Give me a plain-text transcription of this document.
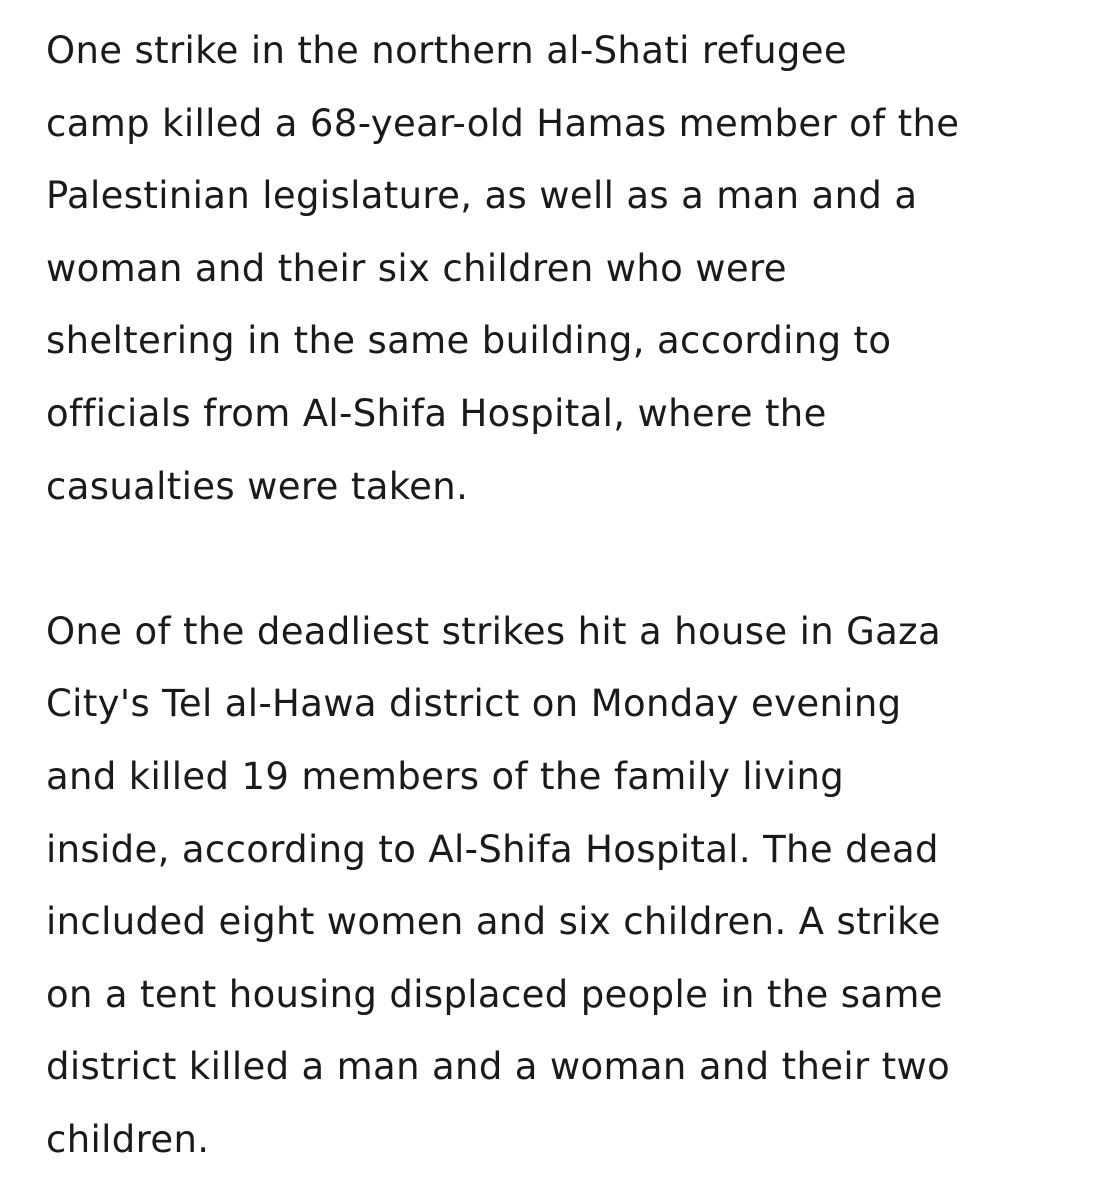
One strike in the northern al-Shati refugee
camp killed a 68-year-old Hamas member of the
Palestinian legislature, as well as a man and a
woman and their six children who were
sheltering in the same building, according to
officials from Al-Shifa Hospital, where the
casualties were taken.

One of the deadliest strikes hit a house in Gaza
City's Tel al-Hawa district on Monday evening
and killed 19 members of the family living
inside, according to Al-Shifa Hospital. The dead
included eight women and six children. A strike
on a tent housing displaced people in the same
district killed a man and a woman and their two
children.
